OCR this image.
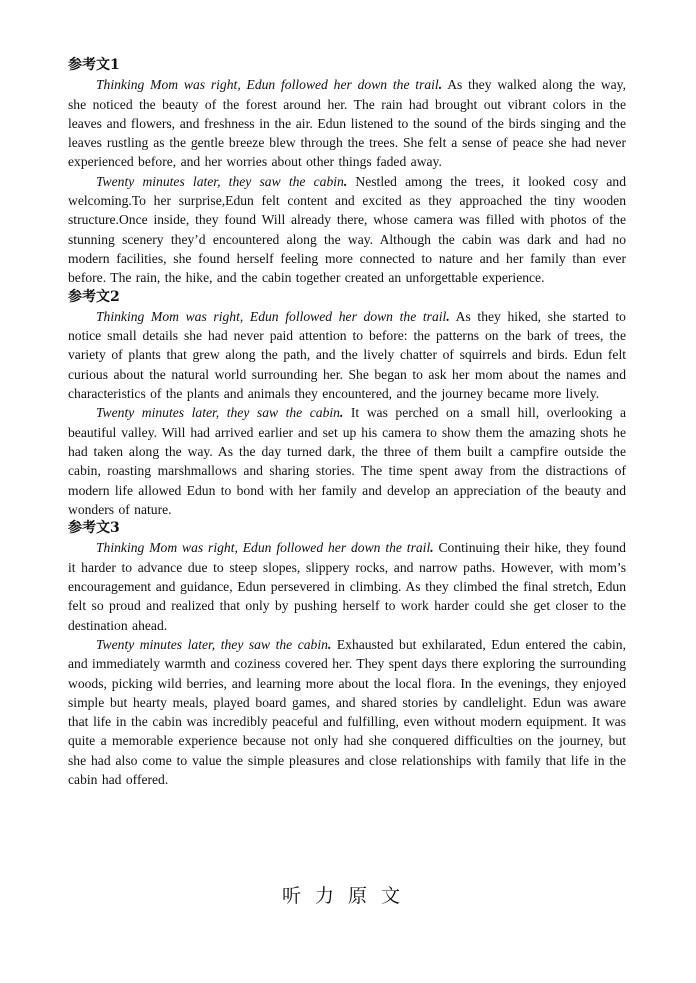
参考文1

Thinking Mom was right, Edun followed her down the trail. As they walked along the way, she noticed the beauty of the forest around her. The rain had brought out vibrant colors in the leaves and flowers, and freshness in the air. Edun listened to the sound of the birds singing and the leaves rustling as the gentle breeze blew through the trees. She felt a sense of peace she had never experienced before, and her worries about other things faded away.

Twenty minutes later, they saw the cabin. Nestled among the trees, it looked cosy and welcoming.To her surprise,Edun felt content and excited as they approached the tiny wooden structure.Once inside, they found Will already there, whose camera was filled with photos of the stunning scenery they’d encountered along the way. Although the cabin was dark and had no modern facilities, she found herself feeling more connected to nature and her family than ever before. The rain, the hike, and the cabin together created an unforgettable experience.

参考文2

Thinking Mom was right, Edun followed her down the trail. As they hiked, she started to notice small details she had never paid attention to before: the patterns on the bark of trees, the variety of plants that grew along the path, and the lively chatter of squirrels and birds. Edun felt curious about the natural world surrounding her. She began to ask her mom about the names and characteristics of the plants and animals they encountered, and the journey became more lively.

Twenty minutes later, they saw the cabin. It was perched on a small hill, overlooking a beautiful valley. Will had arrived earlier and set up his camera to show them the amazing shots he had taken along the way. As the day turned dark, the three of them built a campfire outside the cabin, roasting marshmallows and sharing stories. The time spent away from the distractions of modern life allowed Edun to bond with her family and develop an appreciation of the beauty and wonders of nature.

参考文3

Thinking Mom was right, Edun followed her down the trail. Continuing their hike, they found it harder to advance due to steep slopes, slippery rocks, and narrow paths. However, with mom’s encouragement and guidance, Edun persevered in climbing. As they climbed the final stretch, Edun felt so proud and realized that only by pushing herself to work harder could she get closer to the destination ahead.

Twenty minutes later, they saw the cabin. Exhausted but exhilarated, Edun entered the cabin, and immediately warmth and coziness covered her. They spent days there exploring the surrounding woods, picking wild berries, and learning more about the local flora. In the evenings, they enjoyed simple but hearty meals, played board games, and shared stories by candlelight. Edun was aware that life in the cabin was incredibly peaceful and fulfilling, even without modern equipment. It was quite a memorable experience because not only had she conquered difficulties on the journey, but she had also come to value the simple pleasures and close relationships with family that life in the cabin had offered.

听力原文
